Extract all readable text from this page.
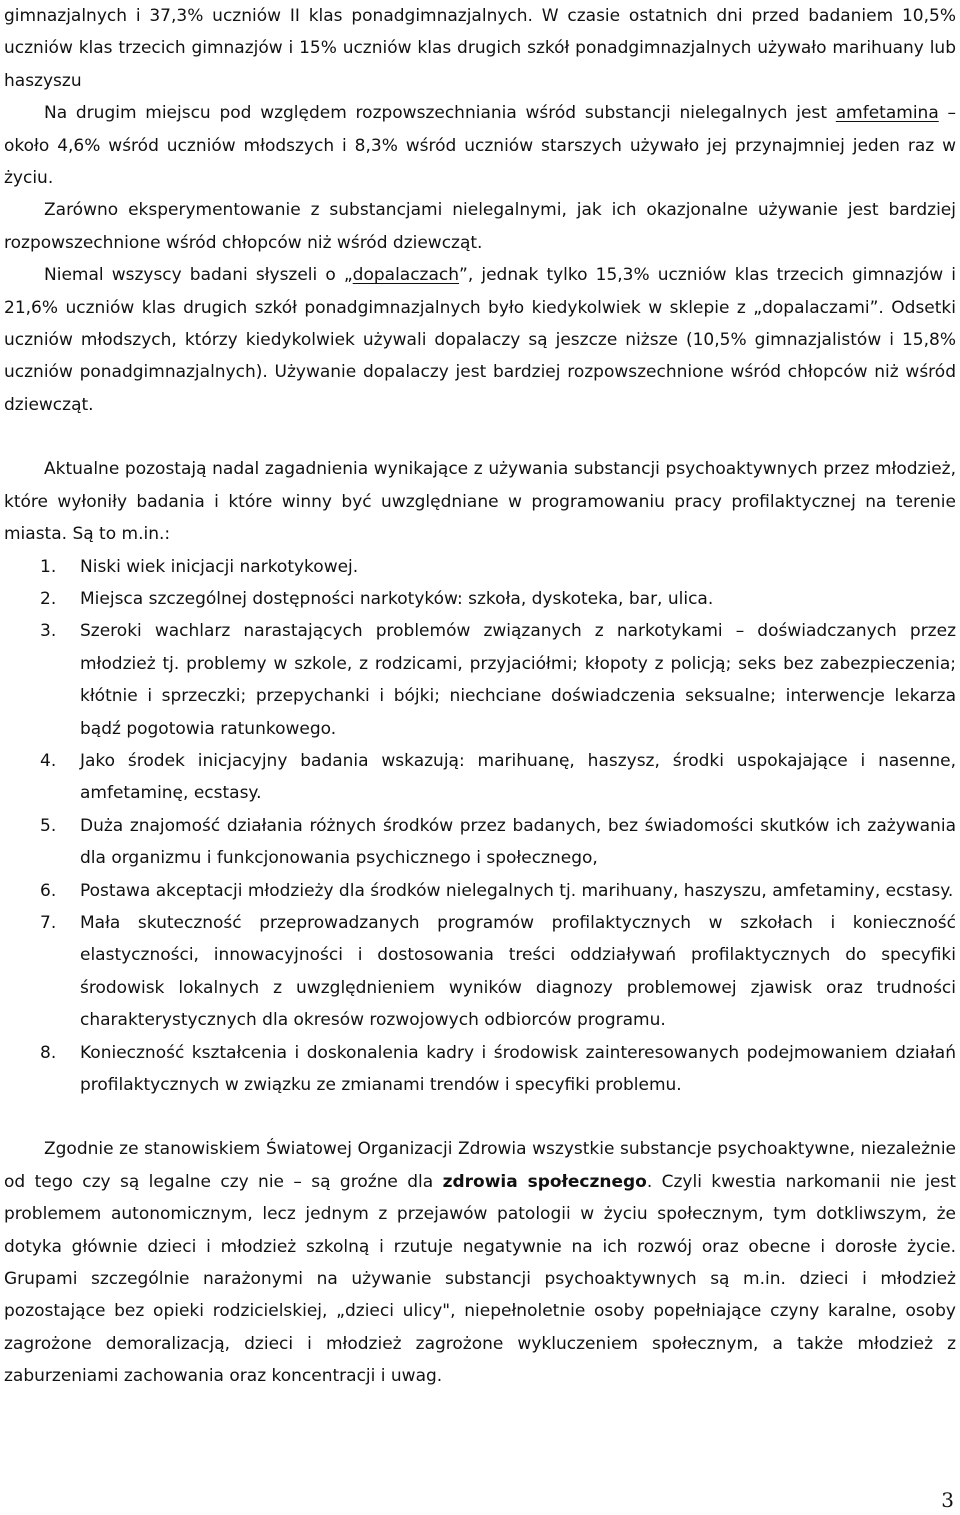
gimnazjalnych i 37,3% uczniów II klas ponadgimnazjalnych. W czasie ostatnich dni przed badaniem 10,5% uczniów klas trzecich gimnazjów i 15% uczniów klas drugich szkół ponadgimnazjalnych używało marihuany lub haszyszu

Na drugim miejscu pod względem rozpowszechniania wśród substancji nielegalnych jest amfetamina – około 4,6% wśród uczniów młodszych i 8,3% wśród uczniów starszych używało jej przynajmniej jeden raz w życiu.

Zarówno eksperymentowanie z substancjami nielegalnymi, jak ich okazjonalne używanie jest bardziej rozpowszechnione wśród chłopców niż wśród dziewcząt.

Niemal wszyscy badani słyszeli o „dopalaczach”, jednak tylko 15,3% uczniów klas trzecich gimnazjów i 21,6% uczniów klas drugich szkół ponadgimnazjalnych było kiedykolwiek w sklepie z „dopalaczami”. Odsetki uczniów młodszych, którzy kiedykolwiek używali dopalaczy są jeszcze niższe (10,5% gimnazjalistów i 15,8% uczniów ponadgimnazjalnych). Używanie dopalaczy jest bardziej rozpowszechnione wśród chłopców niż wśród dziewcząt.

Aktualne pozostają nadal zagadnienia wynikające z używania substancji psychoaktywnych przez młodzież, które wyłoniły badania i które winny być uwzględniane w programowaniu pracy profilaktycznej na terenie miasta. Są to m.in.:

1. Niski wiek inicjacji narkotykowej.
2. Miejsca szczególnej dostępności narkotyków: szkoła, dyskoteka, bar, ulica.
3. Szeroki wachlarz narastających problemów związanych z narkotykami – doświadczanych przez młodzież tj. problemy w szkole, z rodzicami, przyjaciółmi; kłopoty z policją; seks bez zabezpieczenia; kłótnie i sprzeczki; przepychanki i bójki; niechciane doświadczenia seksualne; interwencje lekarza bądź pogotowia ratunkowego.
4. Jako środek inicjacyjny badania wskazują: marihuanę, haszysz, środki uspokajające i nasenne, amfetaminę, ecstasy.
5. Duża znajomość działania różnych środków przez badanych, bez świadomości skutków ich zażywania dla organizmu i funkcjonowania psychicznego i społecznego,
6. Postawa akceptacji młodzieży dla środków nielegalnych tj. marihuany, haszyszu, amfetaminy, ecstasy.
7. Mała skuteczność przeprowadzanych programów profilaktycznych w szkołach i konieczność elastyczności, innowacyjności i dostosowania treści oddziaływań profilaktycznych do specyfiki środowisk lokalnych z uwzględnieniem wyników diagnozy problemowej zjawisk oraz trudności charakterystycznych dla okresów rozwojowych odbiorców programu.
8. Konieczność kształcenia i doskonalenia kadry i środowisk zainteresowanych podejmowaniem działań profilaktycznych w związku ze zmianami trendów i specyfiki problemu.

Zgodnie ze stanowiskiem Światowej Organizacji Zdrowia wszystkie substancje psychoaktywne, niezależnie od tego czy są legalne czy nie – są groźne dla zdrowia społecznego. Czyli kwestia narkomanii nie jest problemem autonomicznym, lecz jednym z przejawów patologii w życiu społecznym, tym dotkliwszym, że dotyka głównie dzieci i młodzież szkolną i rzutuje negatywnie na ich rozwój oraz obecne i dorosłe życie. Grupami szczególnie narażonymi na używanie substancji psychoaktywnych są m.in. dzieci i młodzież pozostające bez opieki rodzicielskiej, „dzieci ulicy", niepełnoletnie osoby popełniające czyny karalne, osoby zagrożone demoralizacją, dzieci i młodzież zagrożone wykluczeniem społecznym, a także młodzież z zaburzeniami zachowania oraz koncentracji i uwag.

3
